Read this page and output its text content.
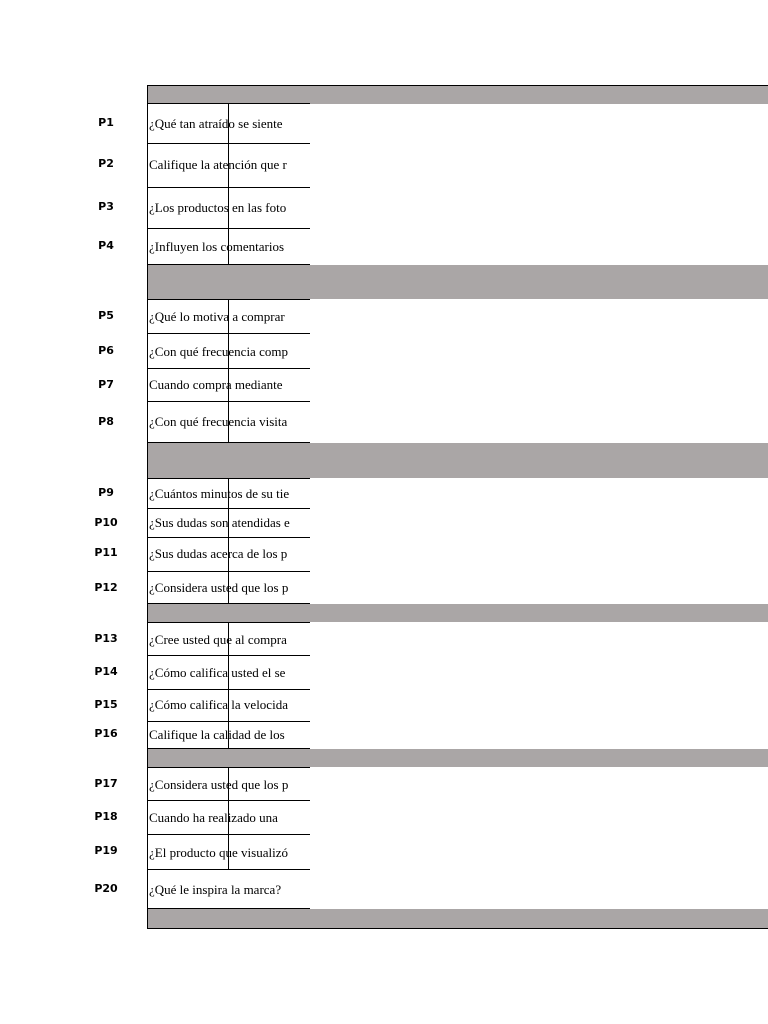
P1
P2
P3
P4
P5
P6
P7
P8
P9
P10
P11
P12
P13
P14
P15
P16
P17
P18
P19
P20
¿Qué tan atraído se siente
Califique la atención que r
¿Los productos en las foto
¿Influyen los comentarios
¿Qué lo motiva a comprar
¿Con qué frecuencia comp
Cuando compra mediante
¿Con qué frecuencia visita
¿Cuántos minutos de su tie
¿Sus dudas son atendidas e
¿Sus dudas acerca de los p
¿Considera usted que los p
¿Cree usted que al compra
¿Cómo califica usted el se
¿Cómo califica la velocida
Califique la calidad de los
¿Considera usted que los p
Cuando ha realizado una
¿El producto que visualizó
¿Qué le inspira la marca?
